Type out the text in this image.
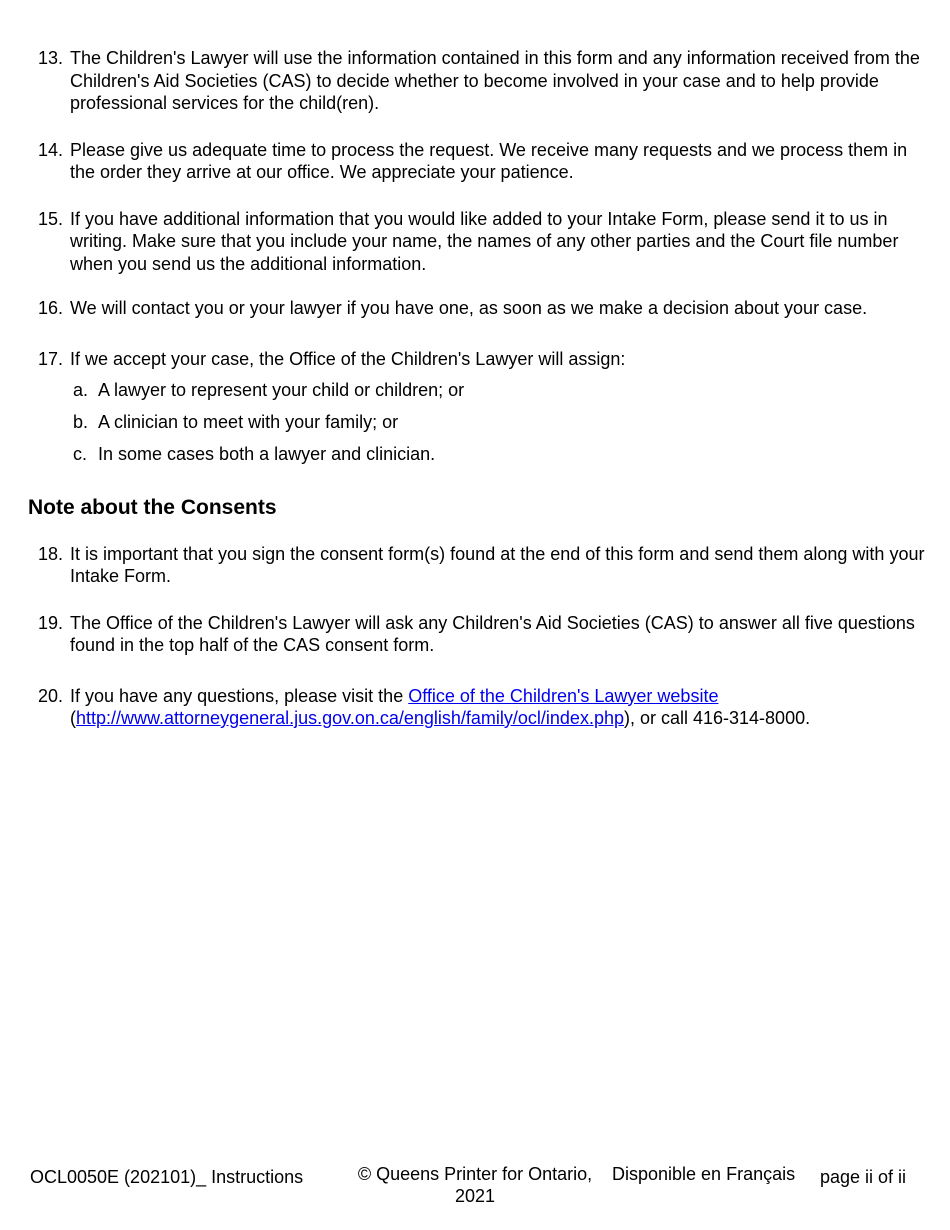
13. The Children's Lawyer will use the information contained in this form and any information received from the Children's Aid Societies (CAS) to decide whether to become involved in your case and to help provide professional services for the child(ren).
14. Please give us adequate time to process the request. We receive many requests and we process them in the order they arrive at our office. We appreciate your patience.
15. If you have additional information that you would like added to your Intake Form, please send it to us in writing. Make sure that you include your name, the names of any other parties and the Court file number when you send us the additional information.
16. We will contact you or your lawyer if you have one, as soon as we make a decision about your case.
17. If we accept your case, the Office of the Children's Lawyer will assign:
a. A lawyer to represent your child or children; or
b. A clinician to meet with your family; or
c. In some cases both a lawyer and clinician.
Note about the Consents
18. It is important that you sign the consent form(s) found at the end of this form and send them along with your Intake Form.
19. The Office of the Children's Lawyer will ask any Children's Aid Societies (CAS) to answer all five questions found in the top half of the CAS consent form.
20. If you have any questions, please visit the Office of the Children's Lawyer website
(http://www.attorneygeneral.jus.gov.on.ca/english/family/ocl/index.php), or call 416-314-8000.
OCL0050E (202101)_ Instructions	© Queens Printer for Ontario,
2021
Disponible en Français page ii of ii
